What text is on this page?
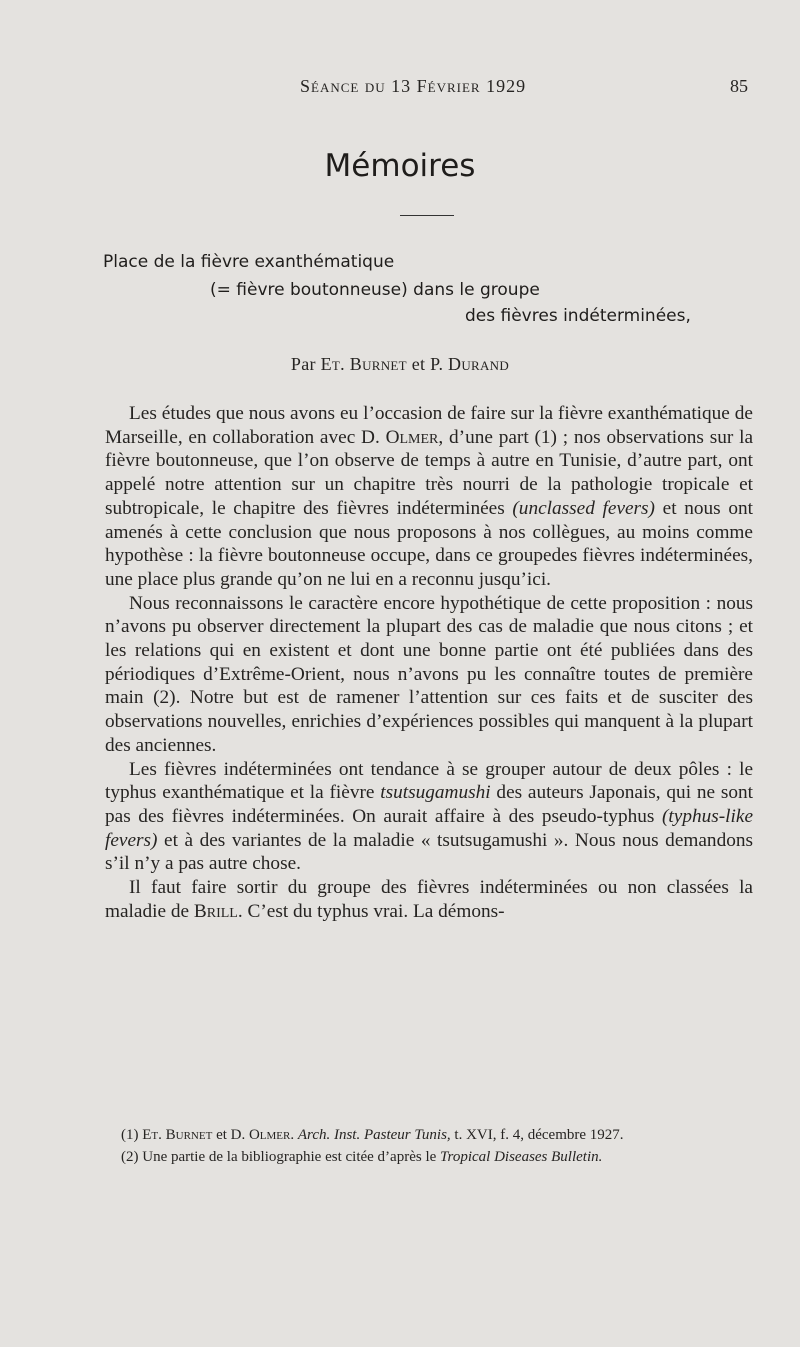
Séance du 13 Février 1929	85
Mémoires
Place de la fièvre exanthématique
(= fièvre boutonneuse) dans le groupe
des fièvres indéterminées,
Par Et. Burnet et P. Durand

Les études que nous avons eu l’occasion de faire sur la fièvre exanthématique de Marseille, en collaboration avec D. Olmer, d’une part (1) ; nos observations sur la fièvre boutonneuse, que l’on observe de temps à autre en Tunisie, d’autre part, ont appelé notre attention sur un chapitre très nourri de la pathologie tropicale et subtropicale, le chapitre des fièvres indéterminées (unclassed fevers) et nous ont amenés à cette conclusion que nous proposons à nos collègues, au moins comme hypothèse : la fièvre boutonneuse occupe, dans ce groupedes fièvres indéterminées, une place plus grande qu’on ne lui en a reconnu jusqu’ici.

Nous reconnaissons le caractère encore hypothétique de cette proposition : nous n’avons pu observer directement la plupart des cas de maladie que nous citons ; et les relations qui en existent et dont une bonne partie ont été publiées dans des périodiques d’Extrême-Orient, nous n’avons pu les connaître toutes de première main (2). Notre but est de ramener l’attention sur ces faits et de susciter des observations nouvelles, enrichies d’expériences possibles qui manquent à la plupart des anciennes.

Les fièvres indéterminées ont tendance à se grouper autour de deux pôles : le typhus exanthématique et la fièvre tsutsugamushi des auteurs Japonais, qui ne sont pas des fièvres indéterminées. On aurait affaire à des pseudo-typhus (typhus-like fevers) et à des variantes de la maladie « tsutsugamushi ». Nous nous demandons s’il n’y a pas autre chose.

Il faut faire sortir du groupe des fièvres indéterminées ou non classées la maladie de Brill. C’est du typhus vrai. La démons-

(1) Et. Burnet et D. Olmer. Arch. Inst. Pasteur Tunis, t. XVI, f. 4, décembre 1927.

(2) Une partie de la bibliographie est citée d’après le Tropical Diseases Bulletin.
